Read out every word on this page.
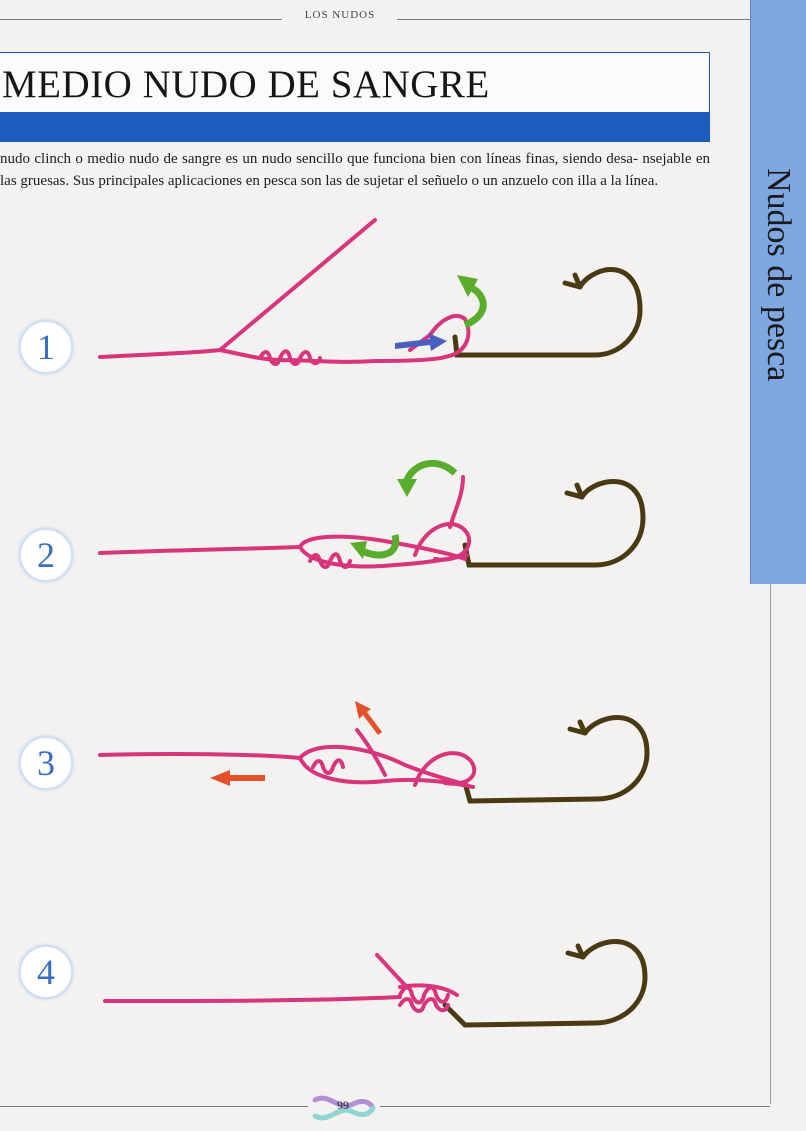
LOS NUDOS
MEDIO NUDO DE SANGRE
Nudos de pesca

nudo clinch o medio nudo de sangre es un nudo sencillo que funciona bien con líneas finas, siendo desa- nsejable en las gruesas. Sus principales aplicaciones en pesca son las de sujetar el señuelo o un anzuelo con illa a la línea.

1
2
3
4
99
